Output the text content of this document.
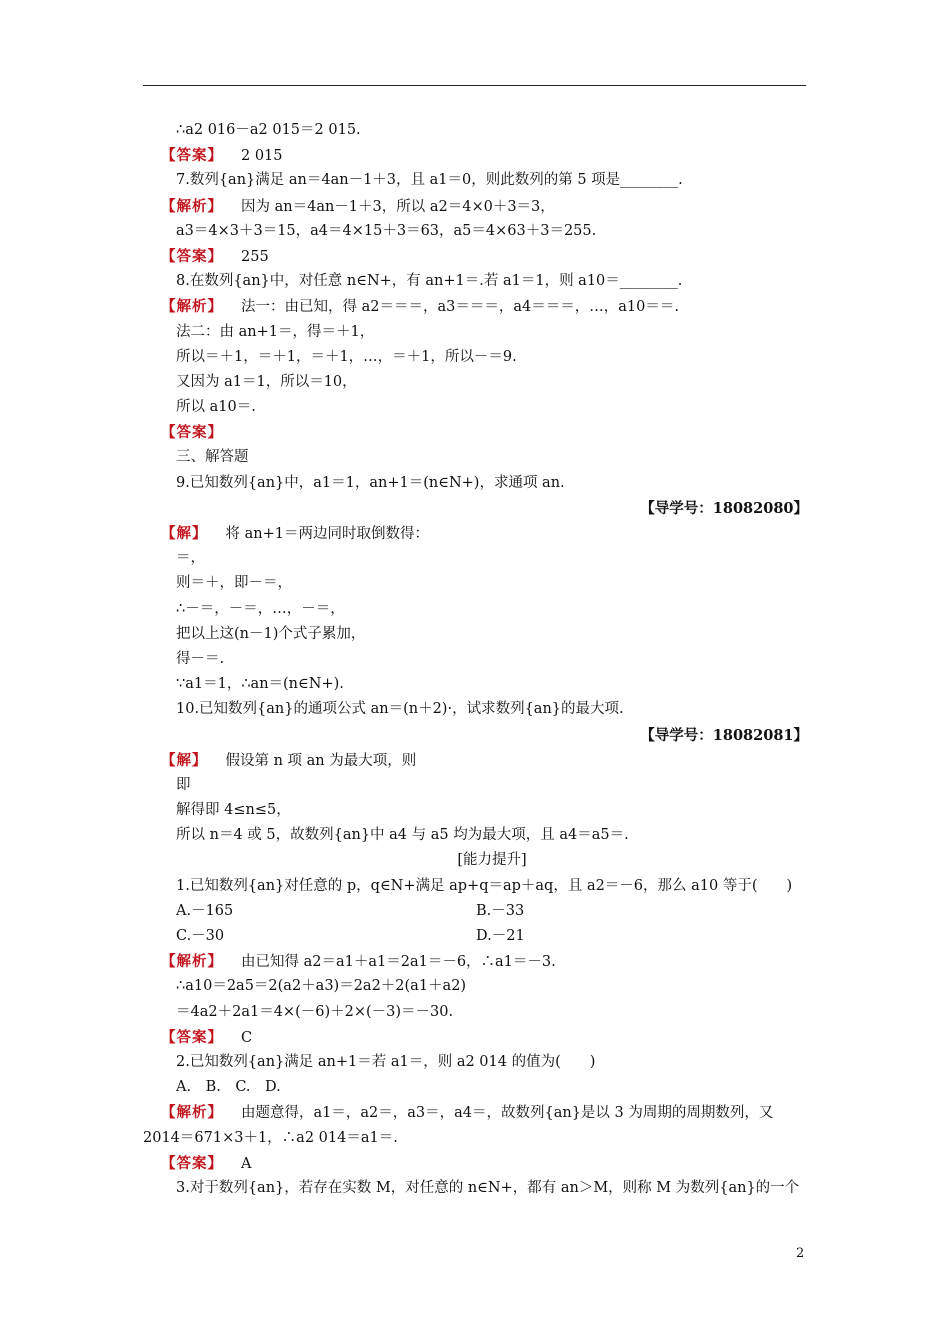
∴a2 016－a2 015＝2 015.
【答案】 2 015
7.数列{an}满足 an＝4an－1＋3，且 a1＝0，则此数列的第 5 项是________.
【解析】 因为 an＝4an－1＋3，所以 a2＝4×0＋3＝3，
a3＝4×3＋3＝15，a4＝4×15＋3＝63，a5＝4×63＋3＝255.
【答案】 255
8.在数列{an}中，对任意 n∈N+，有 an+1＝.若 a1＝1，则 a10＝________.
【解析】 法一：由已知，得 a2＝＝＝，a3＝＝＝，a4＝＝＝，…，a10＝＝.
法二：由 an+1＝，得＝＋1，
所以＝＋1，＝＋1，＝＋1，…，＝＋1，所以－＝9.
又因为 a1＝1，所以＝10，
所以 a10＝.
【答案】
三、解答题
9.已知数列{an}中，a1＝1，an+1＝(n∈N+)，求通项 an.
【导学号：18082080】
【解】 将 an+1＝两边同时取倒数得：
＝，
则＝＋，即－＝，
∴－＝，－＝，…，－＝，
把以上这(n－1)个式子累加，
得－＝.
∵a1＝1，∴an＝(n∈N+).
10.已知数列{an}的通项公式 an＝(n＋2)·，试求数列{an}的最大项.
【导学号：18082081】
【解】 假设第 n 项 an 为最大项，则
即
解得即 4≤n≤5，
所以 n＝4 或 5，故数列{an}中 a4 与 a5 均为最大项，且 a4＝a5＝.
[能力提升]
1.已知数列{an}对任意的 p，q∈N+满足 ap+q＝ap＋aq，且 a2＝－6，那么 a10 等于(　　)
A.－165	B.－33
C.－30	D.－21
【解析】 由已知得 a2＝a1＋a1＝2a1＝－6，∴a1＝－3.
∴a10＝2a5＝2(a2＋a3)＝2a2＋2(a1＋a2)
＝4a2＋2a1＝4×(－6)＋2×(－3)＝－30.
【答案】 C
2.已知数列{an}满足 an+1＝若 a1＝，则 a2 014 的值为(　　)
A.　B.　C.　D.
【解析】 由题意得，a1＝，a2＝，a3＝，a4＝，故数列{an}是以 3 为周期的周期数列，又
2014＝671×3＋1，∴a2 014＝a1＝.
【答案】 A
3.对于数列{an}，若存在实数 M，对任意的 n∈N+，都有 an＞M，则称 M 为数列{an}的一个
2
